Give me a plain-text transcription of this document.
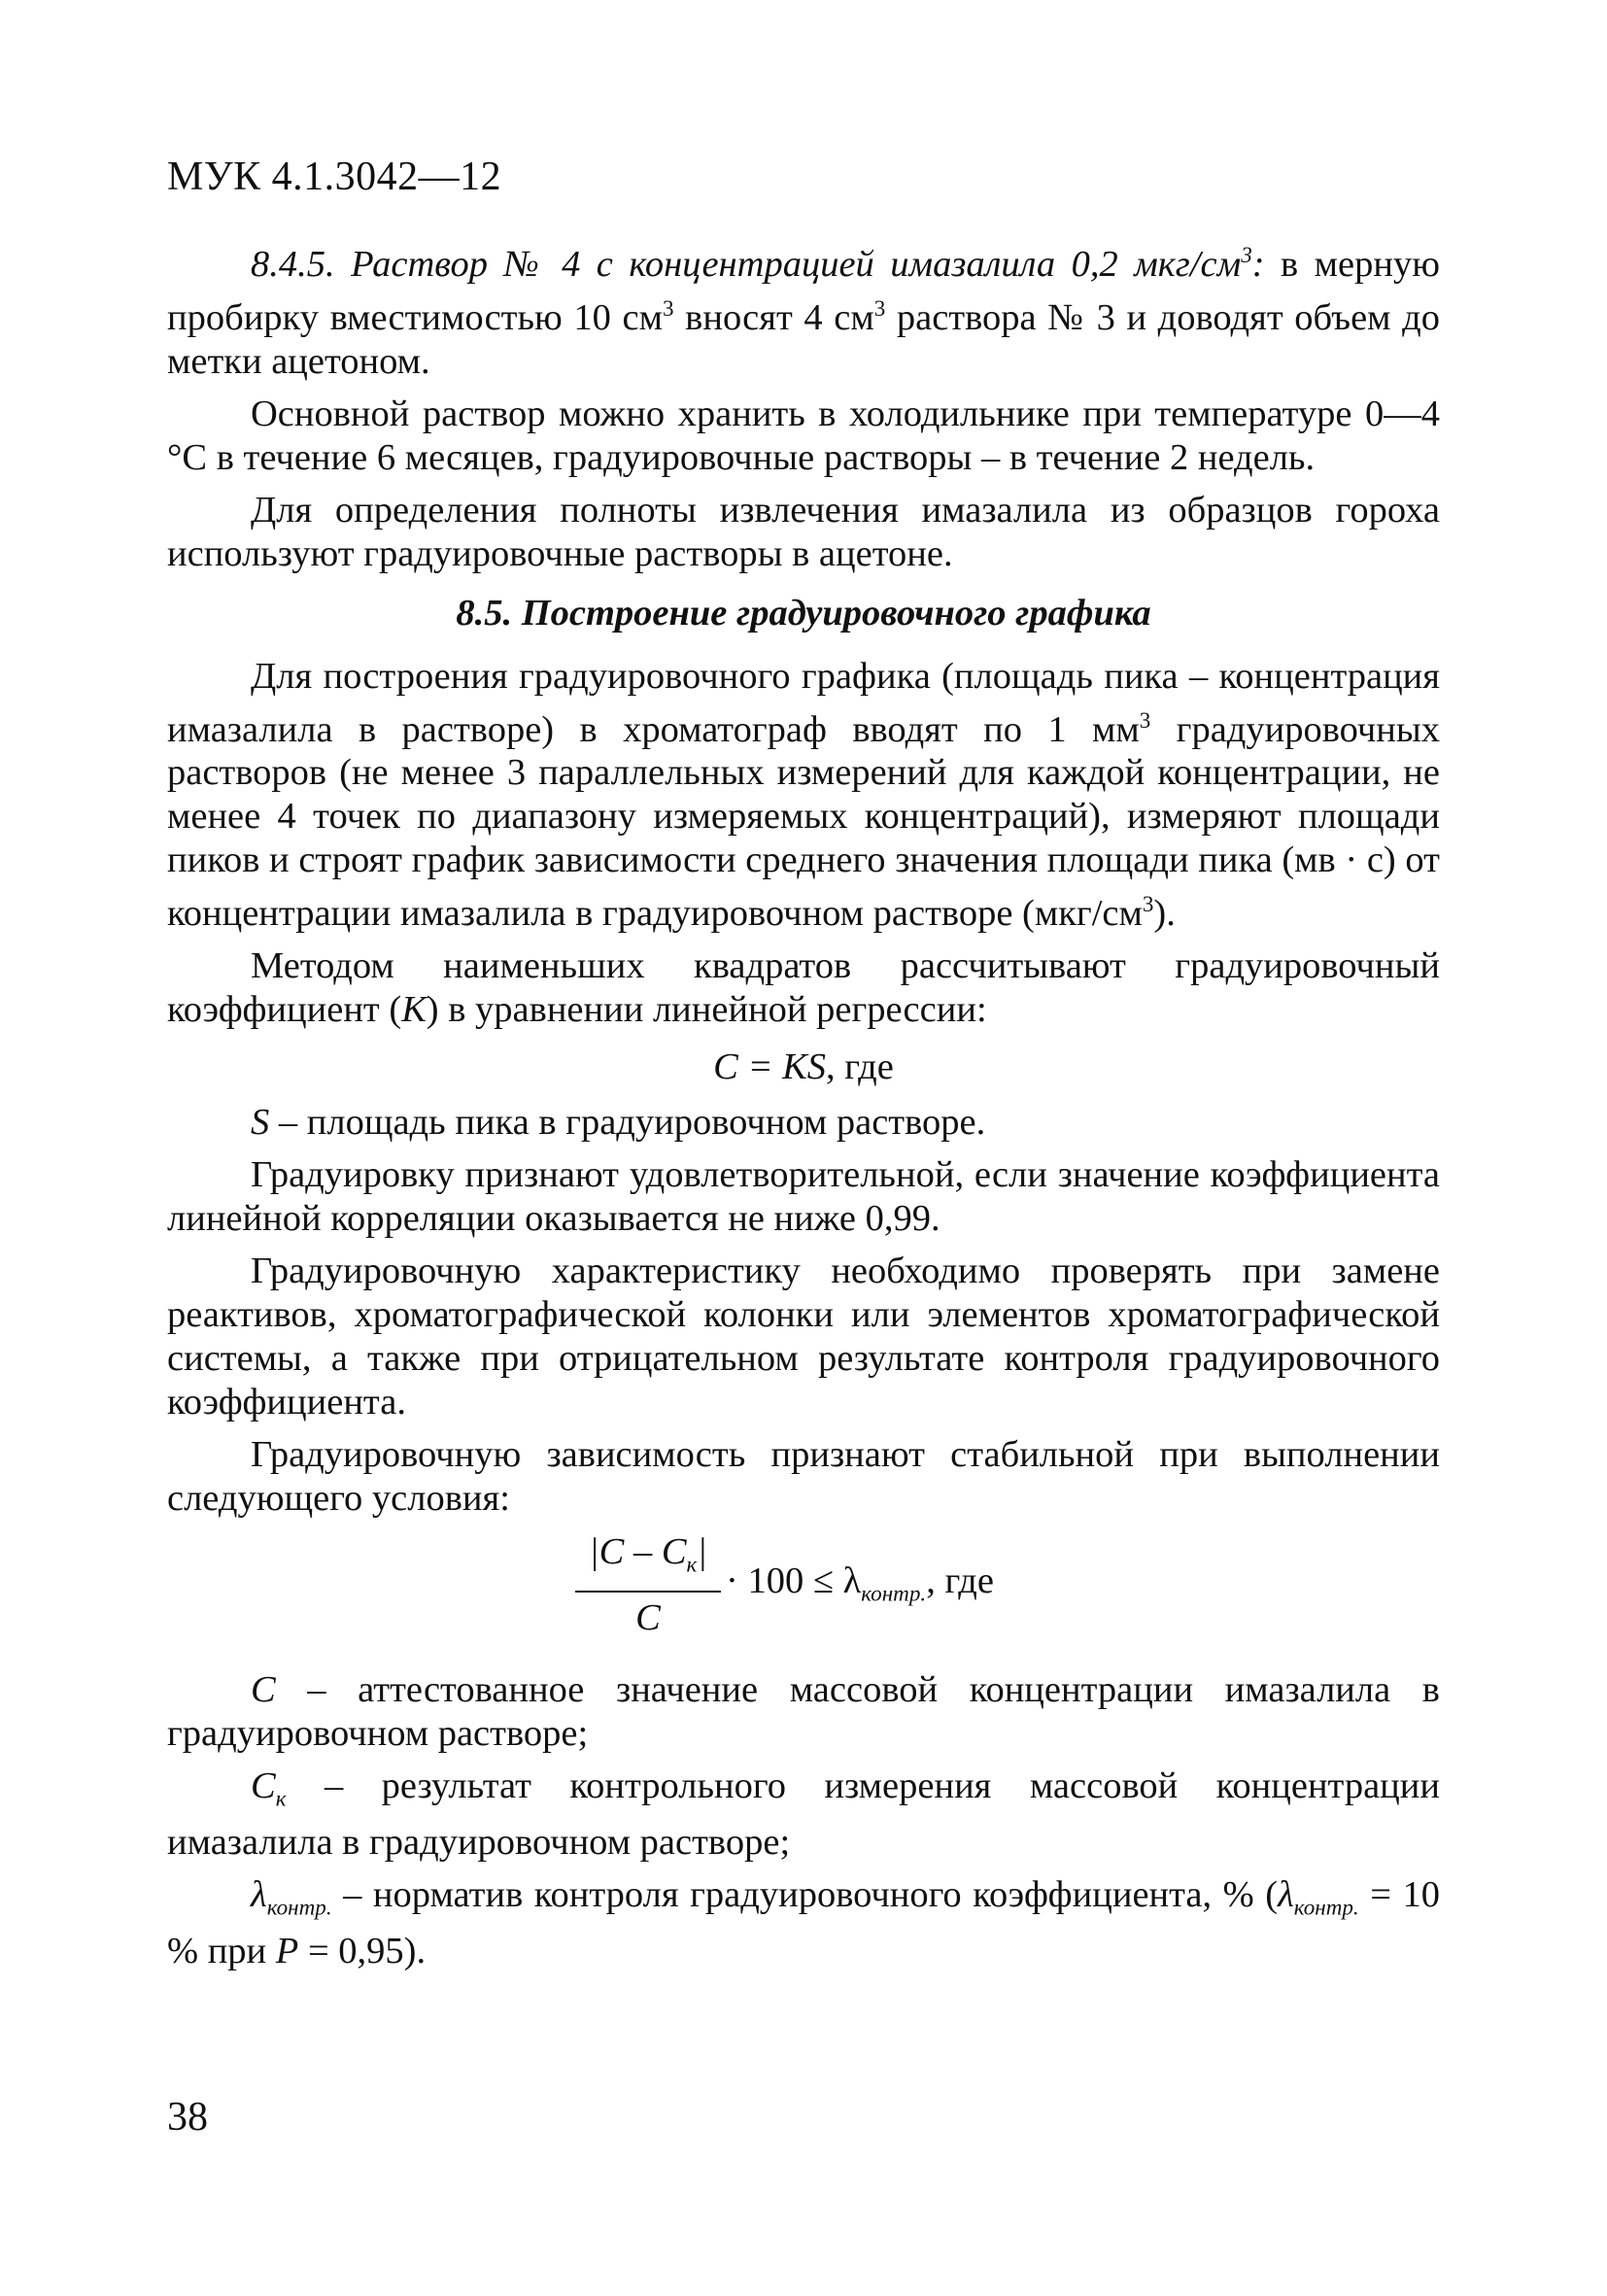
МУК 4.1.3042—12

8.4.5. Раствор № 4 с концентрацией имазалила 0,2 мкг/$см^3$: в мерную пробирку вместимостью 10 $см^3$ вносят 4 $см^3$ раствора № 3 и доводят объем до метки ацетоном.

Основной раствор можно хранить в холодильнике при температуре 0—4 °С в течение 6 месяцев, градуировочные растворы – в течение 2 недель.

Для определения полноты извлечения имазалила из образцов гороха используют градуировочные растворы в ацетоне.

8.5. Построение градуировочного графика

Для построения градуировочного графика (площадь пика – концентрация имазалила в растворе) в хроматограф вводят по 1 $мм^3$ градуировочных растворов (не менее 3 параллельных измерений для каждой концентрации, не менее 4 точек по диапазону измеряемых концентраций), измеряют площади пиков и строят график зависимости среднего значения площади пика (мв · с) от концентрации имазалила в градуировочном растворе $(мкг/см^3)$.

Методом наименьших квадратов рассчитывают градуировочный коэффициент (К) в уравнении линейной регрессии:

C = KS, где

S – площадь пика в градуировочном растворе.

Градуировку признают удовлетворительной, если значение коэффициента линейной корреляции оказывается не ниже 0,99.

Градуировочную характеристику необходимо проверять при замене реактивов, хроматографической колонки или элементов хроматографической системы, а также при отрицательном результате контроля градуировочного коэффициента.

Градуировочную зависимость признают стабильной при выполнении следующего условия:

$|C - C_к|$
C
· $100 \le \lambda_{контр.}$, где

С – аттестованное значение массовой концентрации имазалила в градуировочном растворе;

$С_к$ – результат контрольного измерения массовой концентрации имазалила в градуировочном растворе;

$\lambda_{контр.}$ – норматив контроля градуировочного коэффициента, % ($\lambda_{контр.} = 10$ % при P = 0,95).

38
